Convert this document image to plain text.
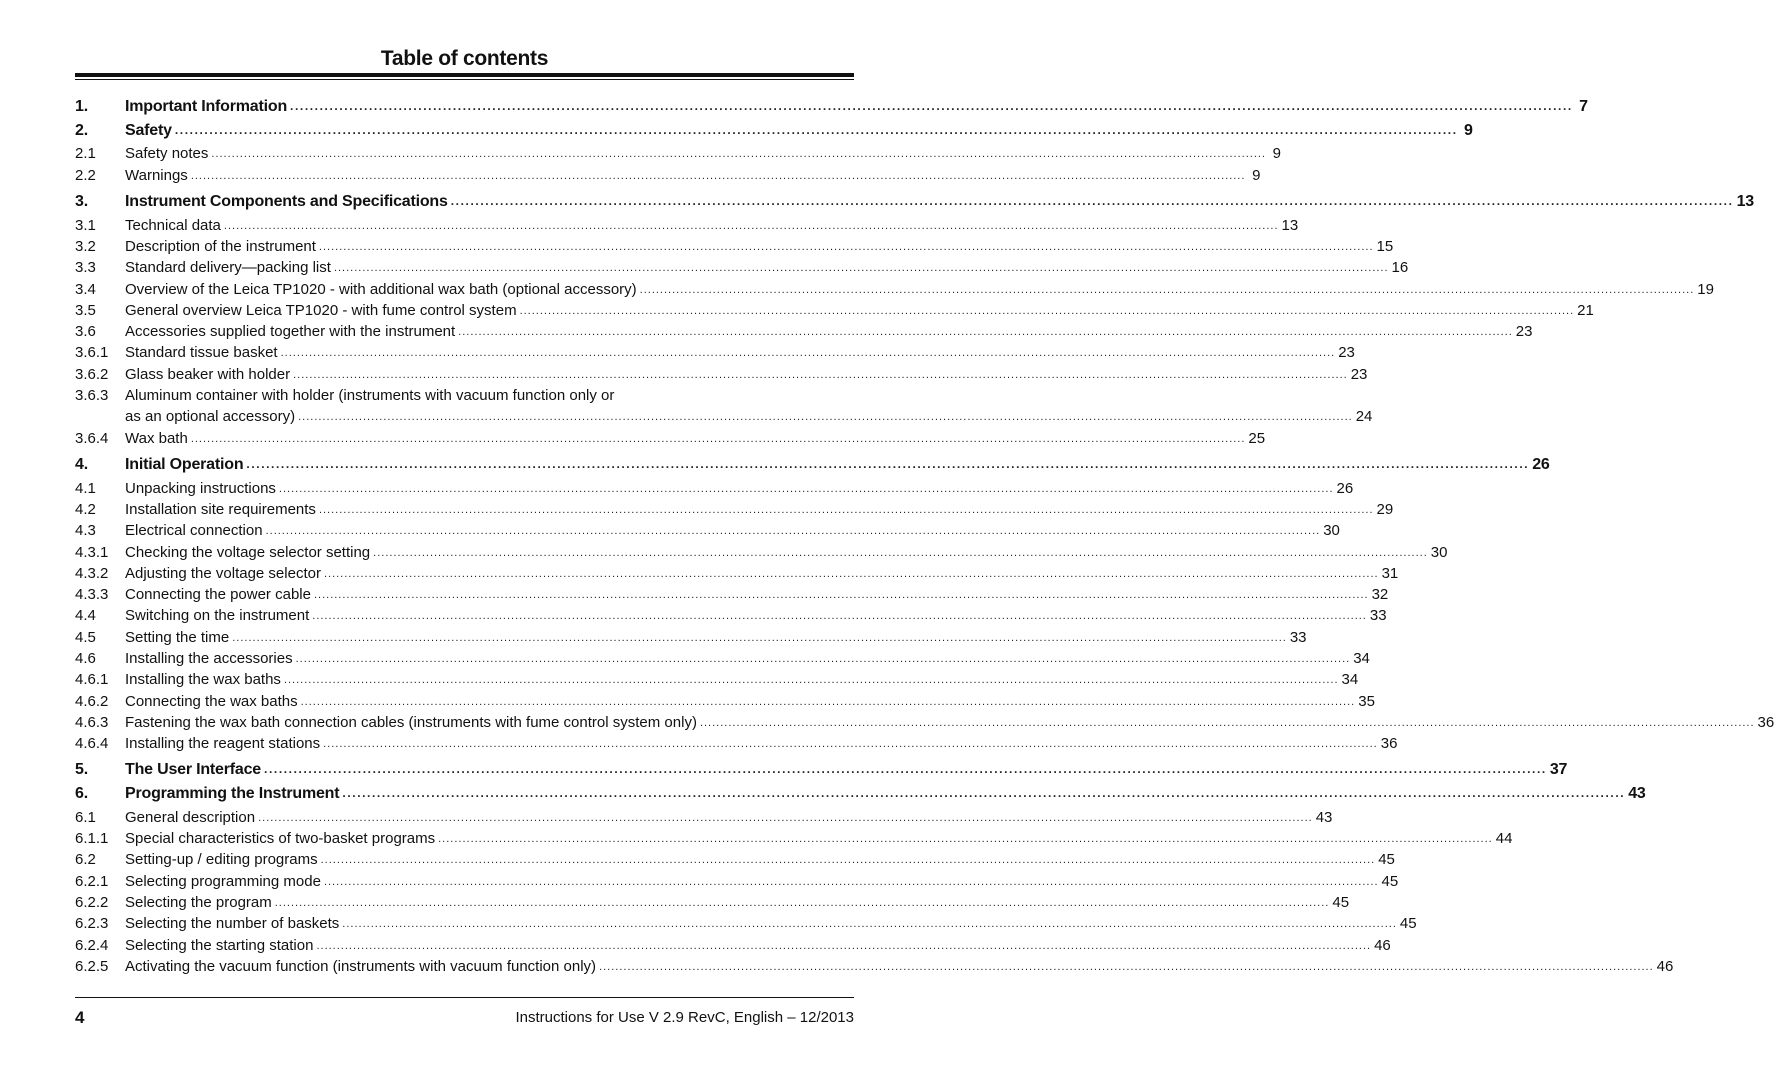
Table of contents
1.	Important Information .................................................................................................................................................................................................................................................................... 7
2.	Safety .................................................................................................................................................................................................................................................................... 9
2.1	Safety notes .................................................................................................................................................................................................................................................................... 9
2.2	Warnings .................................................................................................................................................................................................................................................................... 9
3.	Instrument Components and Specifications .................................................................................................................................................................................................................................................................... 13
3.1	Technical data .................................................................................................................................................................................................................................................................... 13
3.2	Description of the instrument .................................................................................................................................................................................................................................................................... 15
3.3	Standard delivery—packing list .................................................................................................................................................................................................................................................................... 16
3.4	Overview of the Leica TP1020 - with additional wax bath (optional accessory) .................................................................................................................................................................................................................................................................... 19
3.5	General overview Leica TP1020 - with fume control system .................................................................................................................................................................................................................................................................... 21
3.6	Accessories supplied together with the instrument .................................................................................................................................................................................................................................................................... 23
3.6.1	Standard tissue basket .................................................................................................................................................................................................................................................................... 23
3.6.2	Glass beaker with holder .................................................................................................................................................................................................................................................................... 23
3.6.3	Aluminum container with holder (instruments with vacuum function only or
as an optional accessory) .................................................................................................................................................................................................................................................................... 24
3.6.4	Wax bath .................................................................................................................................................................................................................................................................... 25
4.	Initial Operation .................................................................................................................................................................................................................................................................... 26
4.1	Unpacking instructions .................................................................................................................................................................................................................................................................... 26
4.2	Installation site requirements .................................................................................................................................................................................................................................................................... 29
4.3	Electrical connection .................................................................................................................................................................................................................................................................... 30
4.3.1	Checking the voltage selector setting .................................................................................................................................................................................................................................................................... 30
4.3.2	Adjusting the voltage selector .................................................................................................................................................................................................................................................................... 31
4.3.3	Connecting the power cable .................................................................................................................................................................................................................................................................... 32
4.4	Switching on the instrument .................................................................................................................................................................................................................................................................... 33
4.5	Setting the time .................................................................................................................................................................................................................................................................... 33
4.6	Installing the accessories .................................................................................................................................................................................................................................................................... 34
4.6.1	Installing the wax baths .................................................................................................................................................................................................................................................................... 34
4.6.2	Connecting the wax baths .................................................................................................................................................................................................................................................................... 35
4.6.3	Fastening the wax bath connection cables (instruments with fume control system only) .................................................................................................................................................................................................................................................................... 36
4.6.4	Installing the reagent stations .................................................................................................................................................................................................................................................................... 36
5.	The User Interface .................................................................................................................................................................................................................................................................... 37
6.	Programming the Instrument .................................................................................................................................................................................................................................................................... 43
6.1	General description .................................................................................................................................................................................................................................................................... 43
6.1.1	Special characteristics of two-basket programs .................................................................................................................................................................................................................................................................... 44
6.2	Setting-up / editing programs .................................................................................................................................................................................................................................................................... 45
6.2.1	Selecting programming mode .................................................................................................................................................................................................................................................................... 45
6.2.2	Selecting the program .................................................................................................................................................................................................................................................................... 45
6.2.3	Selecting the number of baskets .................................................................................................................................................................................................................................................................... 45
6.2.4	Selecting the starting station .................................................................................................................................................................................................................................................................... 46
6.2.5	Activating the vacuum function (instruments with vacuum function only) .................................................................................................................................................................................................................................................................... 46
4	Instructions for Use V 2.9 RevC, English – 12/2013
